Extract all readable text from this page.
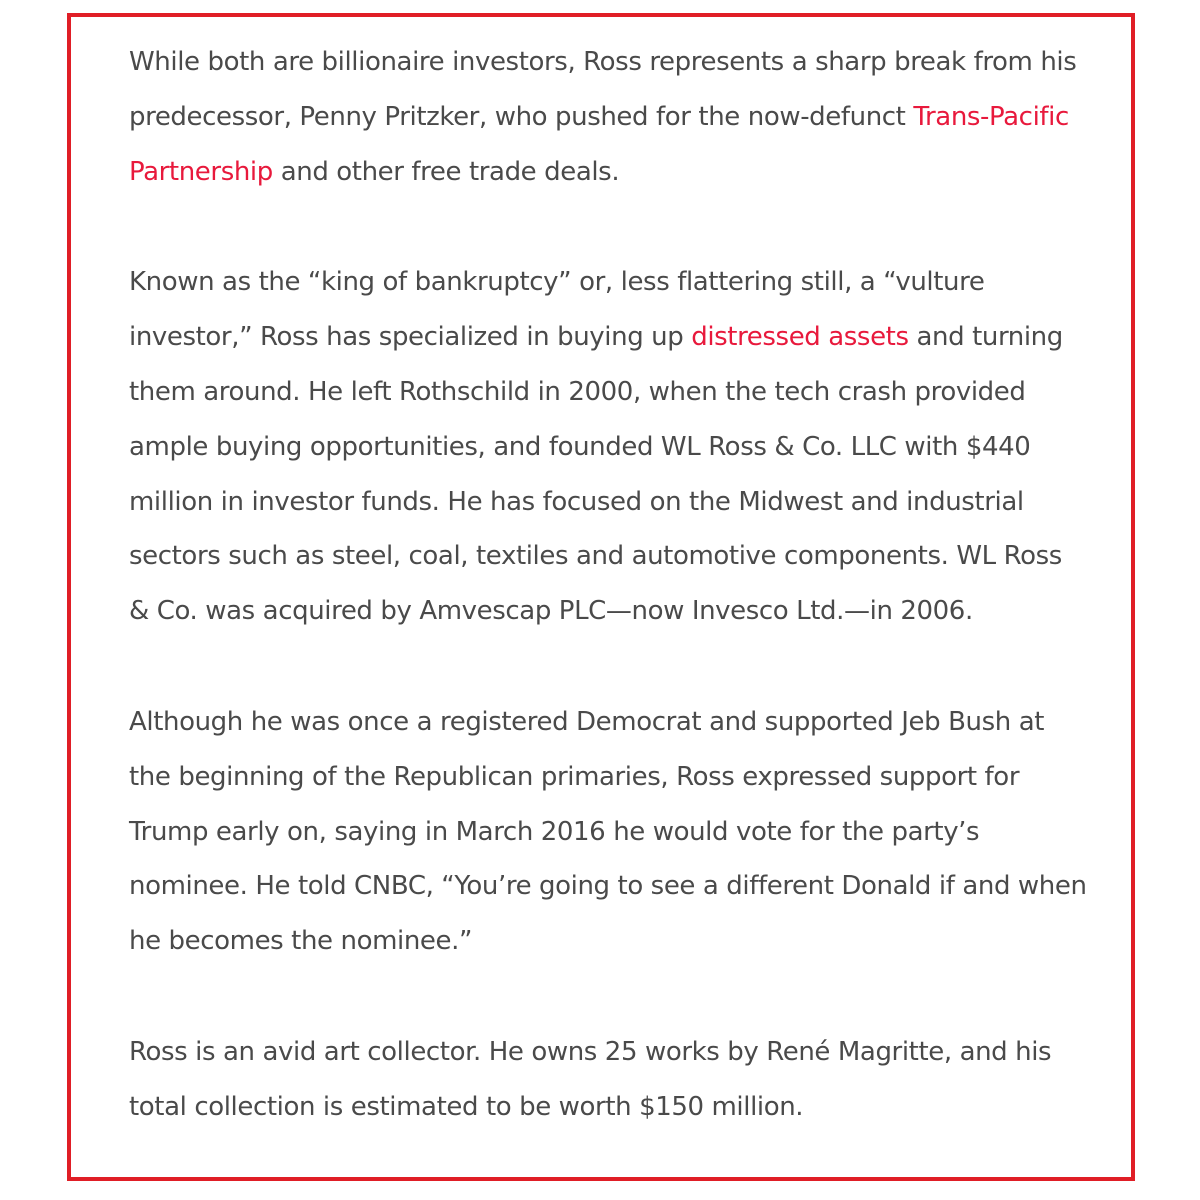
While both are billionaire investors, Ross represents a sharp break from his predecessor, Penny Pritzker, who pushed for the now-defunct Trans-Pacific Partnership and other free trade deals.

Known as the “king of bankruptcy” or, less flattering still, a “vulture investor,” Ross has specialized in buying up distressed assets and turning them around. He left Rothschild in 2000, when the tech crash provided ample buying opportunities, and founded WL Ross & Co. LLC with $440 million in investor funds. He has focused on the Midwest and industrial sectors such as steel, coal, textiles and automotive components. WL Ross & Co. was acquired by Amvescap PLC—now Invesco Ltd.—in 2006.

Although he was once a registered Democrat and supported Jeb Bush at the beginning of the Republican primaries, Ross expressed support for Trump early on, saying in March 2016 he would vote for the party’s nominee. He told CNBC, “You’re going to see a different Donald if and when he becomes the nominee.”

Ross is an avid art collector. He owns 25 works by René Magritte, and his total collection is estimated to be worth $150 million.
